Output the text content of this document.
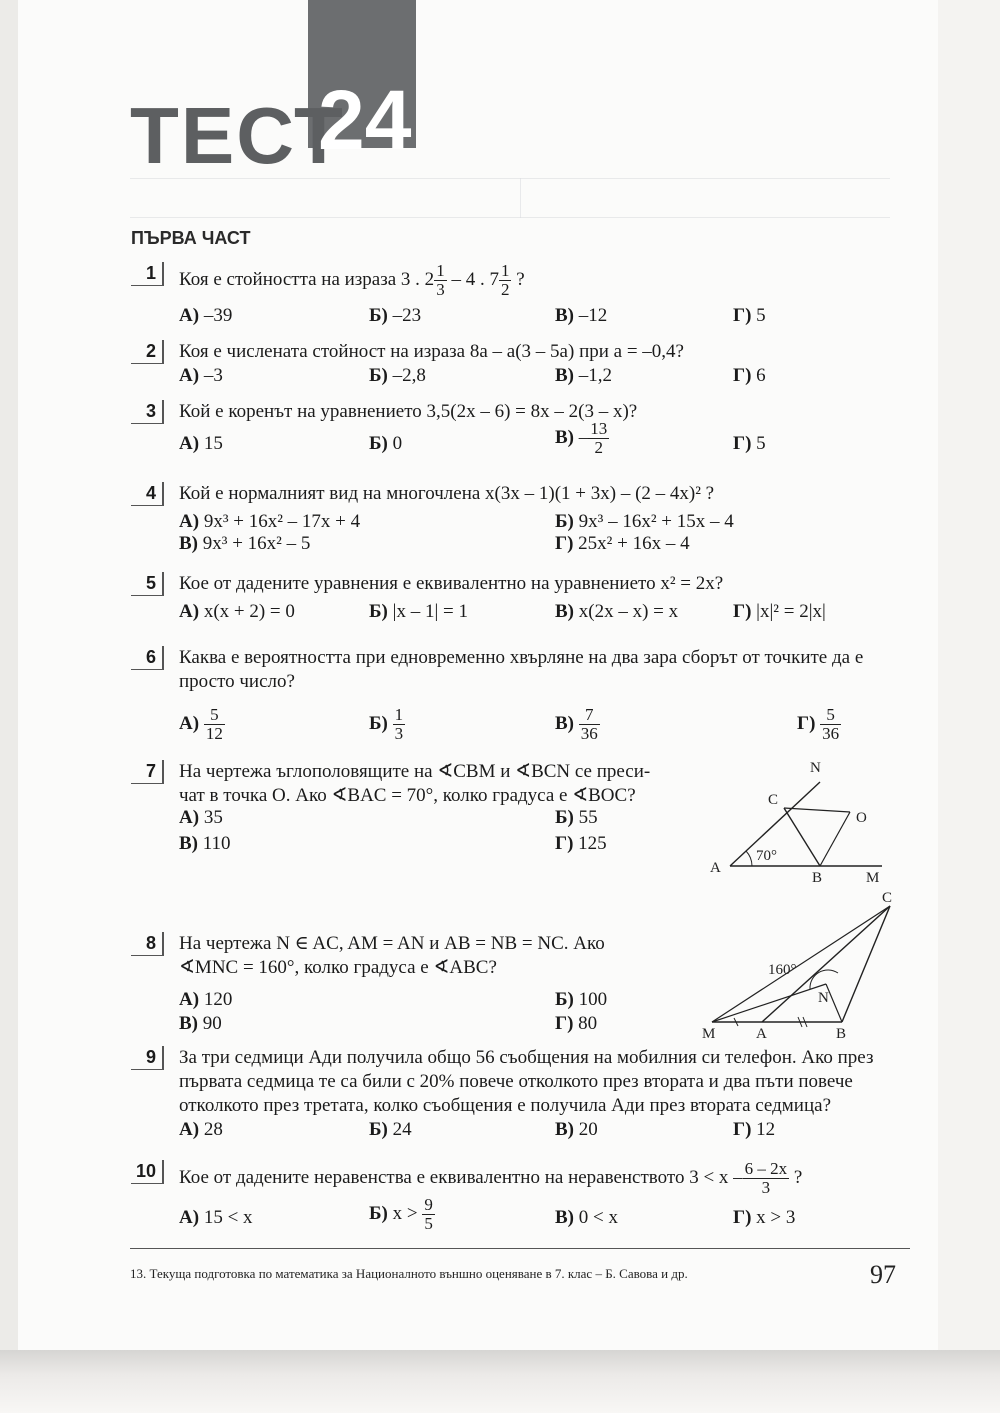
ТЕСТ
24
ПЪРВА ЧАСТ
1	Коя е стойността на израза 3 . $2 \frac{1}{3} - 4$ . $7 \frac{1}{2}$ ?
А) –39	Б) –23	В) –12	Г) 5
2	Коя е числената стойност на израза 8a – a(3 – 5a) при a = –0,4?
А) –3	Б) –2,8	В) –1,2	Г) 6
3	Кой е коренът на уравнението 3,5(2x – 6) = 8x – 2(3 – x)?
А) 15	Б) 0	$В) - \frac{13}{2}$	Г) 5
4	Кой е нормалният вид на многочлена x(3x – 1)(1 + 3x) – (2 – 4x)² ?
А) 9x³ + 16x² – 17x + 4	Б) 9x³ – 16x² + 15x – 4
В) 9x³ + 16x² – 5	Г) 25x² + 16x – 4
5	Кое от дадените уравнения е еквивалентно на уравнението x² = 2x?
А) x(x + 2) = 0	Б) |x – 1| = 1	В) x(2x – x) = x	Г) |x|² = 2|x|
6	Каква е вероятността при едновременно хвърляне на два зара сборът от точките да е просто число?
$А) \frac{5}{12}$	$Б) \frac{1}{3}$	$В) \frac{7}{36}$	$Г) \frac{5}{36}$
7	На чертежа ъглополовящите на ∢CBM и ∢BCN се преси-
чат в точка O. Ако ∢BAC = 70°, колко градуса е ∢BOC?
А) 35	Б) 55
В) 110	Г) 125
N
C
O
A
B	M
70°
8	На чертежа N ∈ AC, AM = AN и AB = NB = NC. Ако
∢MNC = 160°, колко градуса е ∢ABC?
А) 120	Б) 100
В) 90	Г) 80
C
160°
N
M	A	B
9	За три седмици Ади получила общо 56 съобщения на мобилния си телефон. Ако през първата седмица те са били с 20% повече отколкото през втората и два пъти повече отколкото през третата, колко съобщения е получила Ади през втората седмица?
А) 28	Б) 24	В) 20	Г) 12
10	Кое от дадените неравенства е еквивалентно на неравенството $3 < x - \frac{6 - 2x}{3}$ ?
А) 15 < x	Б) $x > \frac{9}{5}$	В) 0 < x	Г) x > 3
13. Текуща подготовка по математика за Националното външно оценяване в 7. клас – Б. Савова и др.	97
